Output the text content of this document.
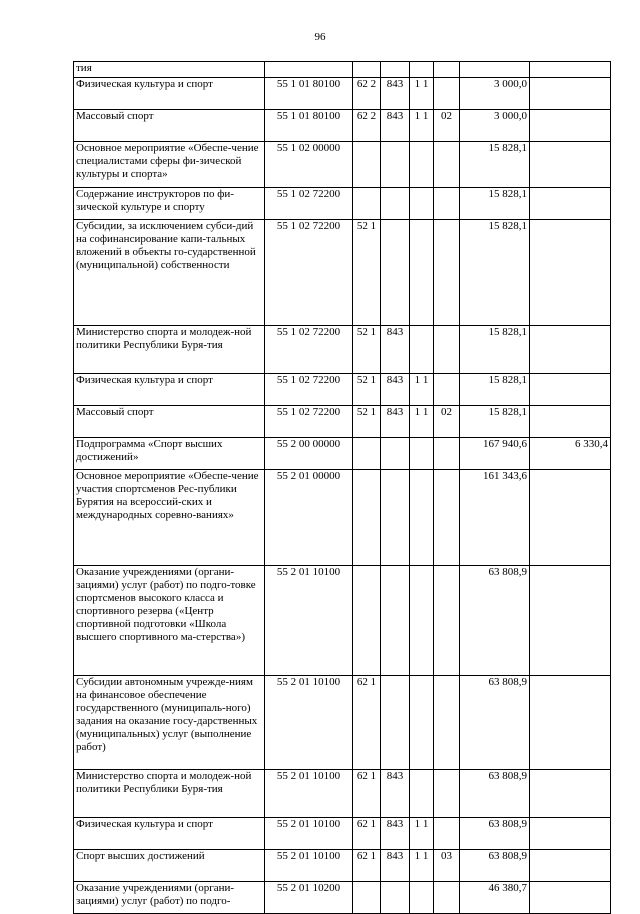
96
тия							
Физическая культура и спорт	55 1 01 80100	62 2	843	1 1		3 000,0	
Массовый спорт	55 1 01 80100	62 2	843	1 1	02	3 000,0	
Основное мероприятие «Обеспе-чение специалистами сферы фи-зической культуры и спорта»	55 1 02 00000					15 828,1	
Содержание инструкторов по фи-зической культуре и спорту	55 1 02 72200					15 828,1	
Субсидии, за исключением субси-дий на софинансирование капи-тальных вложений в объекты го-сударственной (муниципальной) собственности	55 1 02 72200	52 1				15 828,1	
Министерство спорта и молодеж-ной политики Республики Буря-тия	55 1 02 72200	52 1	843			15 828,1	
Физическая культура и спорт	55 1 02 72200	52 1	843	1 1		15 828,1	
Массовый спорт	55 1 02 72200	52 1	843	1 1	02	15 828,1	
Подпрограмма «Спорт высших достижений»	55 2 00 00000					167 940,6	6 330,4
Основное мероприятие «Обеспе-чение участия спортсменов Рес-публики Бурятия на всероссий-ских и международных соревно-ваниях»	55 2 01 00000					161 343,6	
Оказание учреждениями (органи-зациями) услуг (работ) по подго-товке спортсменов высокого класса и спортивного резерва («Центр спортивной подготовки «Школа высшего спортивного ма-стерства»)	55 2 01 10100					63 808,9	
Субсидии автономным учрежде-ниям на финансовое обеспечение государственного (муниципаль-ного) задания на оказание госу-дарственных (муниципальных) услуг (выполнение работ)	55 2 01 10100	62 1				63 808,9	
Министерство спорта и молодеж-ной политики Республики Буря-тия	55 2 01 10100	62 1	843			63 808,9	
Физическая культура и спорт	55 2 01 10100	62 1	843	1 1		63 808,9	
Спорт высших достижений	55 2 01 10100	62 1	843	1 1	03	63 808,9	
Оказание учреждениями (органи-зациями) услуг (работ) по подго-	55 2 01 10200					46 380,7	
